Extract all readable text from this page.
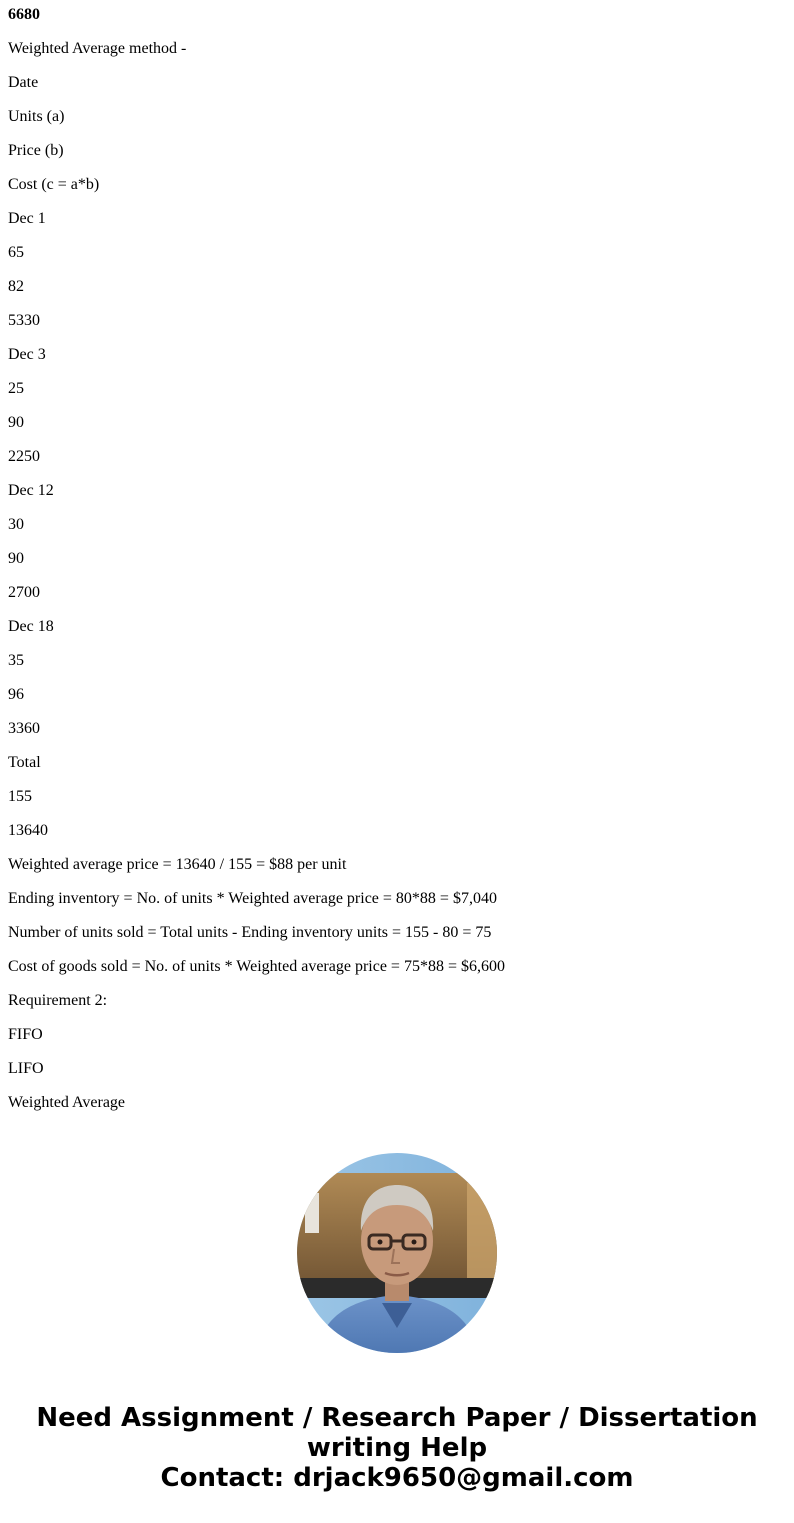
6680

Weighted Average method -

Date

Units (a)

Price (b)

Cost (c = a*b)

Dec 1

65

82

5330

Dec 3

25

90

2250

Dec 12

30

90

2700

Dec 18

35

96

3360

Total

155

13640

Weighted average price = 13640 / 155 = $88 per unit

Ending inventory = No. of units * Weighted average price = 80*88 = $7,040

Number of units sold = Total units - Ending inventory units = 155 - 80 = 75

Cost of goods sold = No. of units * Weighted average price = 75*88 = $6,600

Requirement 2:

FIFO

LIFO

Weighted Average

Need Assignment / Research Paper / Dissertation
writing Help
Contact: drjack9650@gmail.com
